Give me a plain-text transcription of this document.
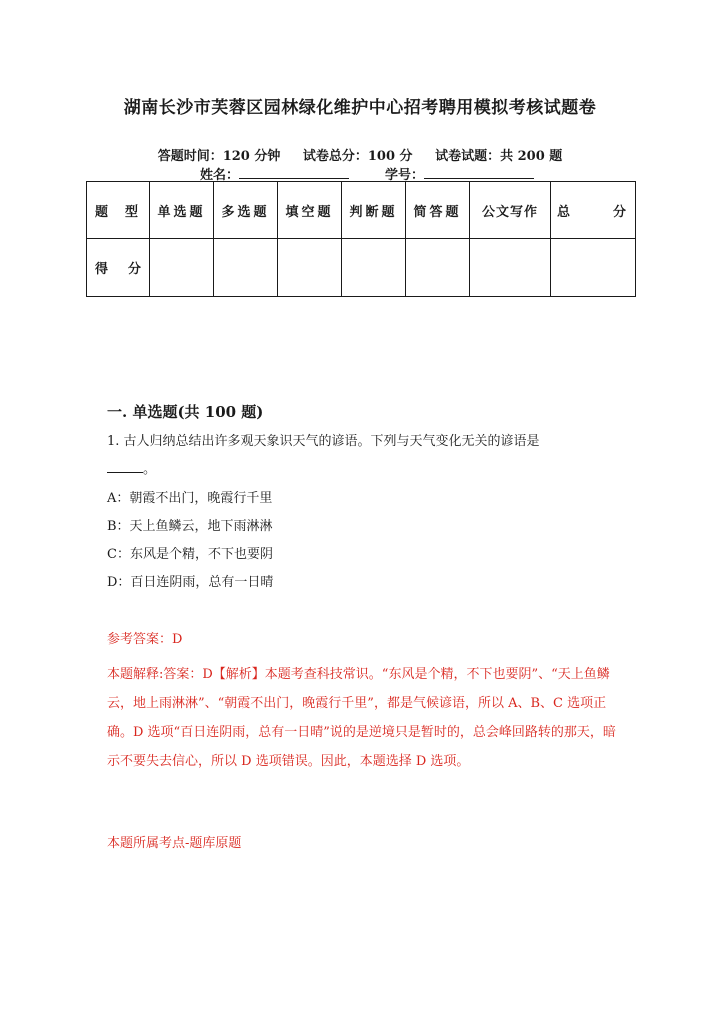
湖南长沙市芙蓉区园林绿化维护中心招考聘用模拟考核试题卷
答题时间：120 分钟 试卷总分：100 分 试卷试题：共 200 题
姓名：	学号：
题 型	单选题	多选题	填空题	判断题	简答题	公文写作	总 分

得 分							

一. 单选题(共 100 题)
1. 古人归纳总结出许多观天象识天气的谚语。下列与天气变化无关的谚语是
。
A：朝霞不出门，晚霞行千里
B：天上鱼鳞云，地下雨淋淋
C：东风是个精，不下也要阴
D：百日连阴雨，总有一日晴
参考答案：D
本题解释:答案：D【解析】本题考查科技常识。“东风是个精，不下也要阴”、“天上鱼鳞云，地上雨淋淋”、“朝霞不出门，晚霞行千里”，都是气候谚语，所以 A、B、C 选项正确。D 选项“百日连阴雨，总有一日晴”说的是逆境只是暂时的，总会峰回路转的那天，暗示不要失去信心，所以 D 选项错误。因此，本题选择 D 选项。
本题所属考点-题库原题
